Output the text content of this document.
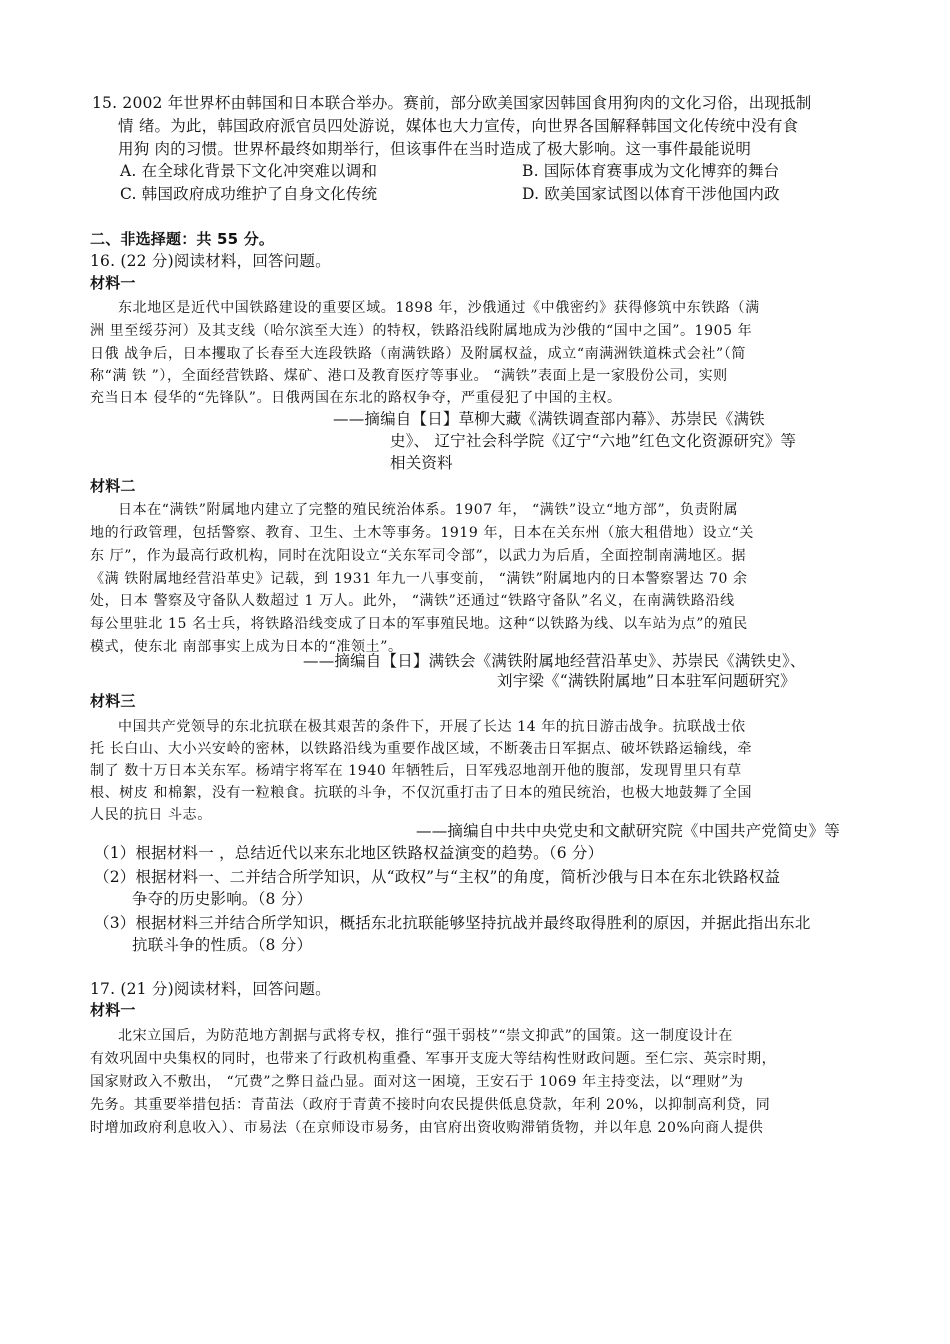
15. 2002 年世界杯由韩国和日本联合举办。赛前，部分欧美国家因韩国食用狗肉的文化习俗，出现抵制
情 绪。为此，韩国政府派官员四处游说，媒体也大力宣传，向世界各国解释韩国文化传统中没有食
用狗 肉的习惯。世界杯最终如期举行，但该事件在当时造成了极大影响。这一事件最能说明
A. 在全球化背景下文化冲突难以调和	B. 国际体育赛事成为文化博弈的舞台
C. 韩国政府成功维护了自身文化传统	D. 欧美国家试图以体育干涉他国内政
二、非选择题：共 55 分。
16. (22 分)阅读材料，回答问题。
材料一
东北地区是近代中国铁路建设的重要区域。1898 年，沙俄通过《中俄密约》获得修筑中东铁路（满
洲 里至绥芬河）及其支线（哈尔滨至大连）的特权，铁路沿线附属地成为沙俄的“国中之国”。1905 年
日俄 战争后，日本攫取了长春至大连段铁路（南满铁路）及附属权益，成立“南满洲铁道株式会社”（简
称“满 铁 ”），全面经营铁路、煤矿、港口及教育医疗等事业。 “满铁”表面上是一家股份公司，实则
充当日本 侵华的“先锋队”。日俄两国在东北的路权争夺，严重侵犯了中国的主权。
——摘编自【日】草柳大藏《满铁调查部内幕》、苏崇民《满铁
史》、 辽宁社会科学院《辽宁“六地”红色文化资源研究》等
相关资料
材料二
日本在“满铁”附属地内建立了完整的殖民统治体系。1907 年， “满铁”设立“地方部”，负责附属
地的行政管理，包括警察、教育、卫生、土木等事务。1919 年，日本在关东州（旅大租借地）设立“关
东 厅”，作为最高行政机构，同时在沈阳设立“关东军司令部”，以武力为后盾，全面控制南满地区。据
《满 铁附属地经营沿革史》记载，到 1931 年九一八事变前， “满铁”附属地内的日本警察署达 70 余
处，日本 警察及守备队人数超过 1 万人。此外， “满铁”还通过“铁路守备队”名义，在南满铁路沿线
每公里驻北 15 名士兵，将铁路沿线变成了日本的军事殖民地。这种“以铁路为线、以车站为点”的殖民
模式，使东北 南部事实上成为日本的“准领土”。
——摘编自【日】满铁会《满铁附属地经营沿革史》、苏崇民《满铁史》、
刘宇梁《“满铁附属地”日本驻军问题研究》
材料三
中国共产党领导的东北抗联在极其艰苦的条件下，开展了长达 14 年的抗日游击战争。抗联战士依
托 长白山、大小兴安岭的密林，以铁路沿线为重要作战区域，不断袭击日军据点、破坏铁路运输线，牵
制了 数十万日本关东军。杨靖宇将军在 1940 年牺牲后，日军残忍地剖开他的腹部，发现胃里只有草
根、树皮 和棉絮，没有一粒粮食。抗联的斗争，不仅沉重打击了日本的殖民统治，也极大地鼓舞了全国
人民的抗日 斗志。
——摘编自中共中央党史和文献研究院《中国共产党简史》等
（1）根据材料一 ，总结近代以来东北地区铁路权益演变的趋势。（6 分）
（2）根据材料一、二并结合所学知识，从“政权”与“主权”的角度，简析沙俄与日本在东北铁路权益
争夺的历史影响。（8 分）
（3）根据材料三并结合所学知识，概括东北抗联能够坚持抗战并最终取得胜利的原因，并据此指出东北
抗联斗争的性质。（8 分）
17. (21 分)阅读材料，回答问题。
材料一
北宋立国后，为防范地方割据与武将专权，推行“强干弱枝”“崇文抑武”的国策。这一制度设计在
有效巩固中央集权的同时，也带来了行政机构重叠、军事开支庞大等结构性财政问题。至仁宗、英宗时期，
国家财政入不敷出， “冗费”之弊日益凸显。面对这一困境，王安石于 1069 年主持变法，以“理财”为
先务。其重要举措包括：青苗法（政府于青黄不接时向农民提供低息贷款，年利 20%，以抑制高利贷，同
时增加政府利息收入）、市易法（在京师设市易务，由官府出资收购滞销货物，并以年息 20%向商人提供
